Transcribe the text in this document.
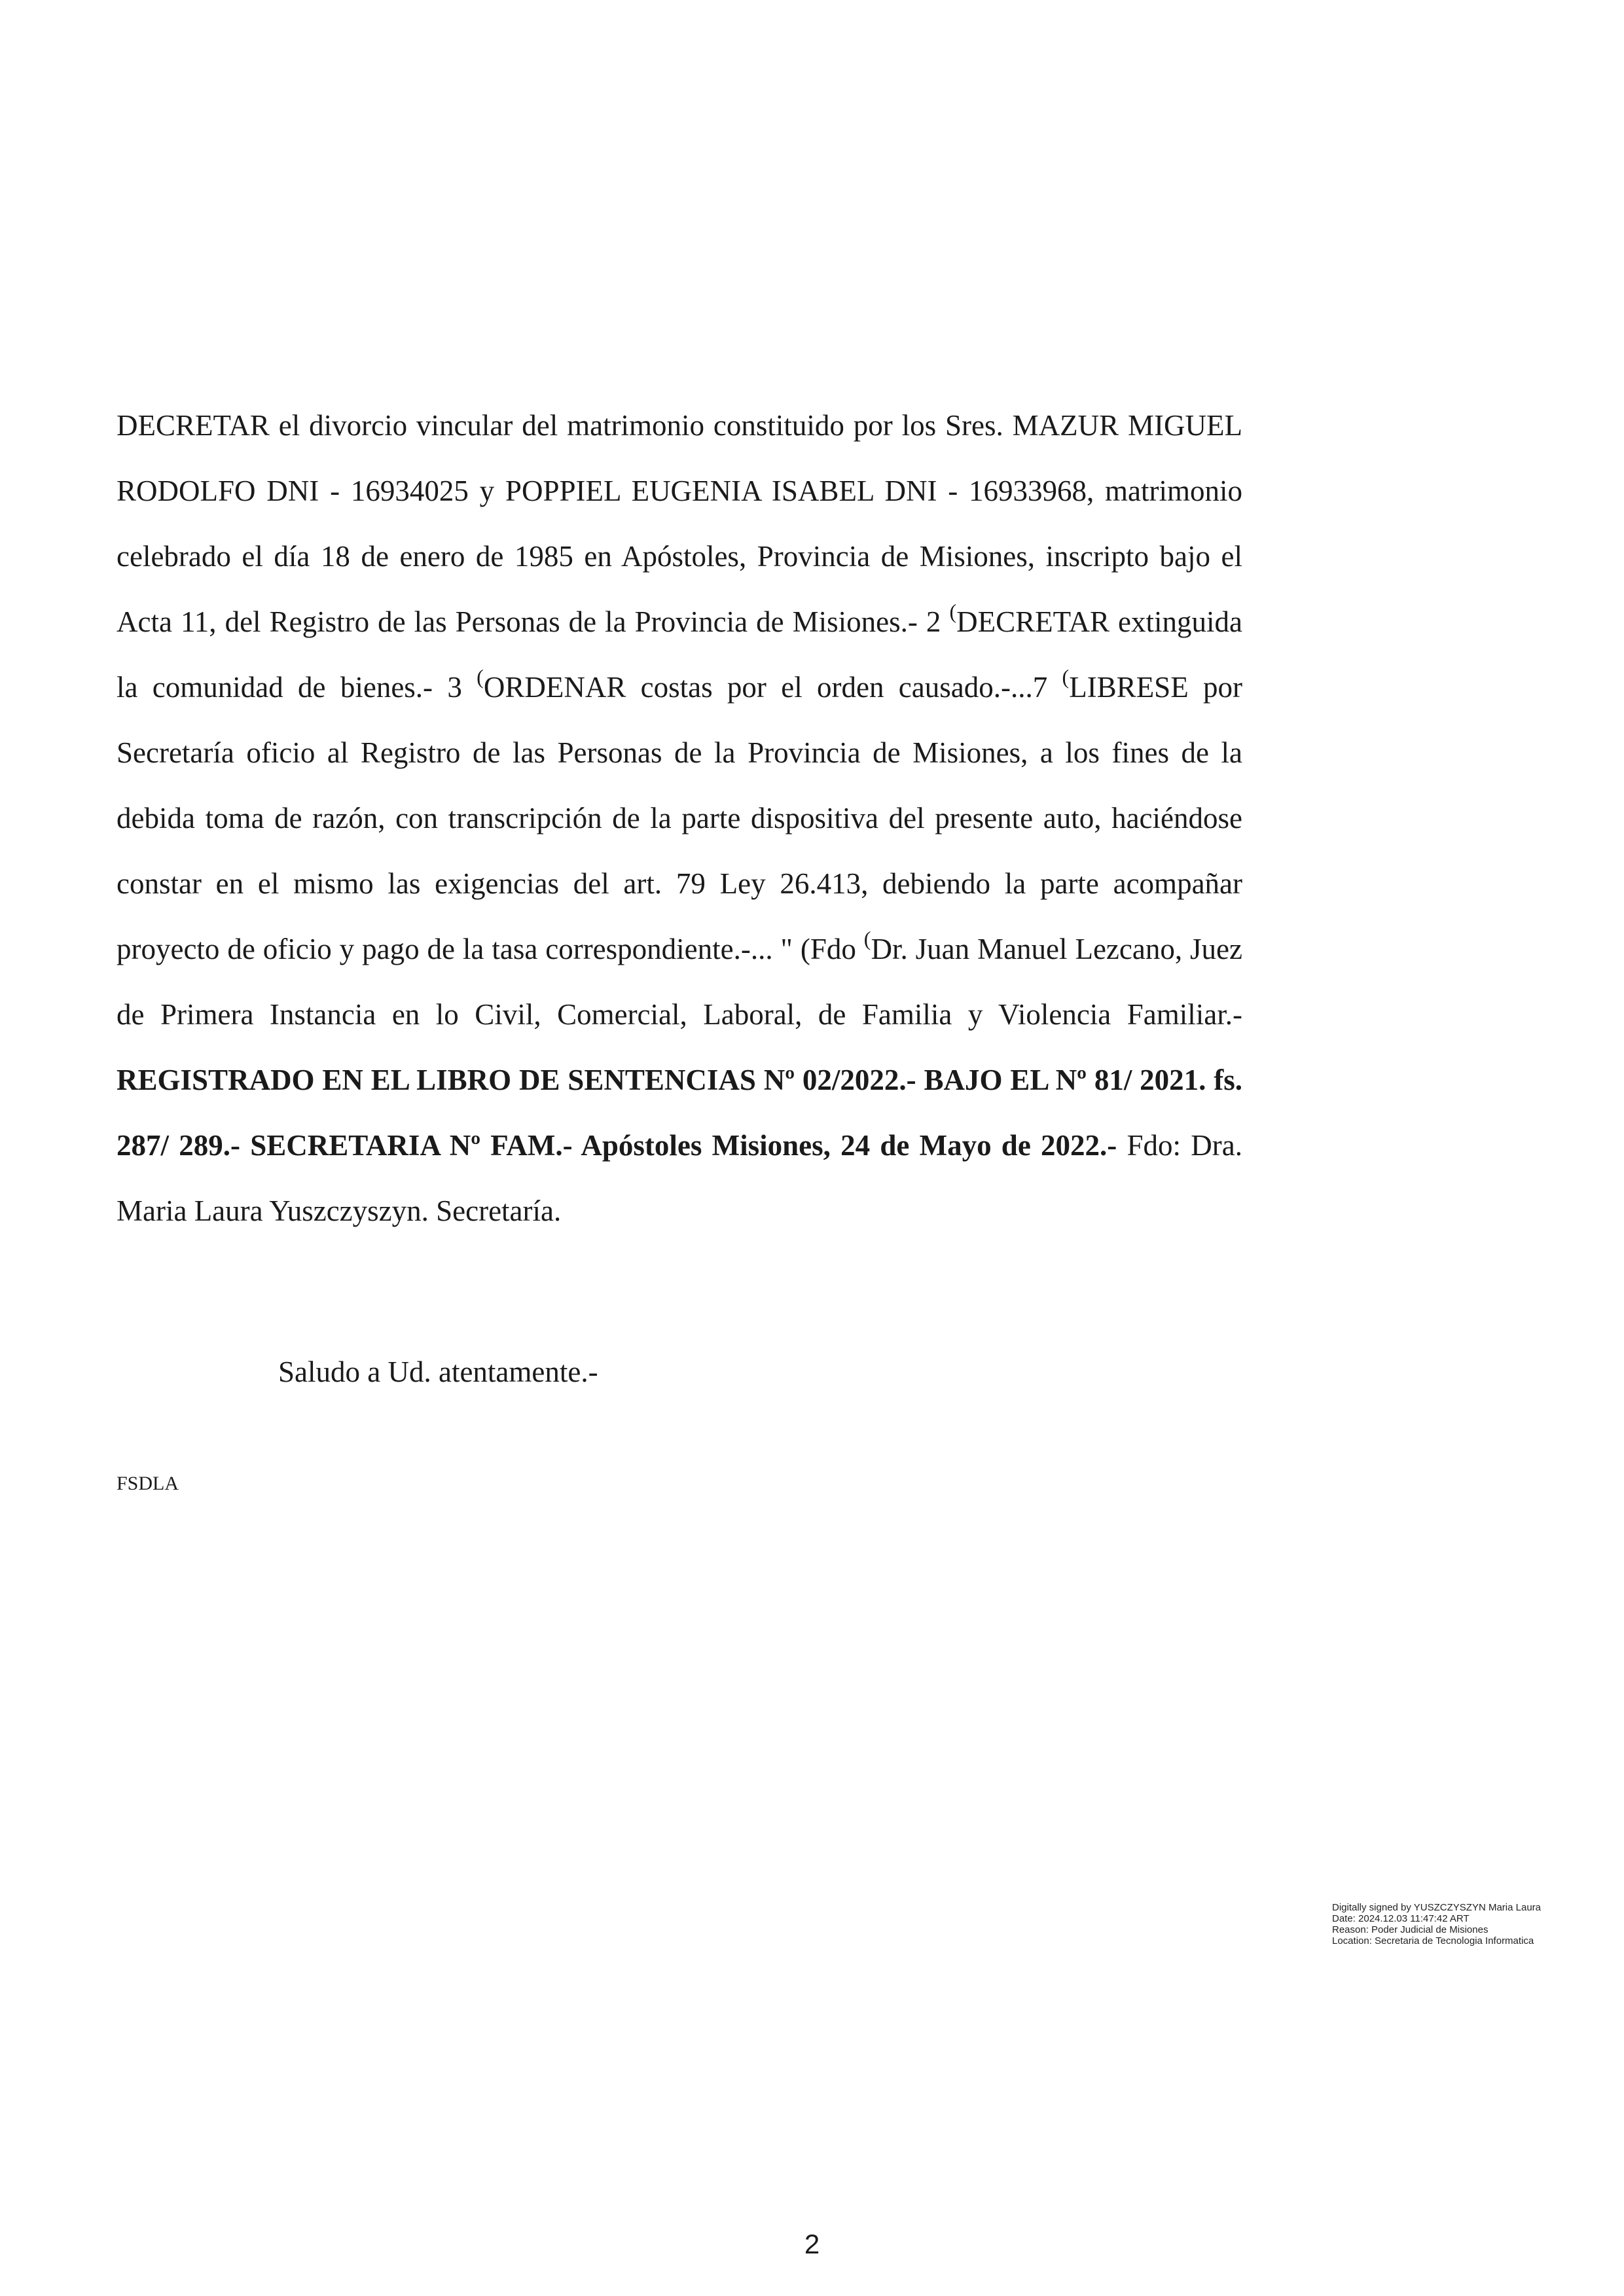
DECRETAR el divorcio vincular del matrimonio constituido por los Sres. MAZUR MIGUEL RODOLFO DNI - 16934025 y POPPIEL EUGENIA ISABEL DNI - 16933968, matrimonio celebrado el día 18 de enero de 1985 en Apóstoles, Provincia de Misiones, inscripto bajo el Acta 11, del Registro de las Personas de la Provincia de Misiones.- 2 (DECRETAR extinguida la comunidad de bienes.- 3 (ORDENAR costas por el orden causado.-...7 (LIBRESE por Secretaría oficio al Registro de las Personas de la Provincia de Misiones, a los fines de la debida toma de razón, con transcripción de la parte dispositiva del presente auto, haciéndose constar en el mismo las exigencias del art. 79 Ley 26.413, debiendo la parte acompañar proyecto de oficio y pago de la tasa correspondiente.-... " (Fdo (Dr. Juan Manuel Lezcano, Juez de Primera Instancia en lo Civil, Comercial, Laboral, de Familia y Violencia Familiar.- REGISTRADO EN EL LIBRO DE SENTENCIAS Nº 02/2022.- BAJO EL Nº 81/ 2021. fs. 287/ 289.- SECRETARIA Nº FAM.- Apóstoles Misiones, 24 de Mayo de 2022.- Fdo: Dra. Maria Laura Yuszczyszyn. Secretaría.

Saludo a Ud. atentamente.-

FSDLA

Digitally signed by YUSZCZYSZYN Maria Laura
Date: 2024.12.03 11:47:42 ART
Reason: Poder Judicial de Misiones
Location: Secretaria de Tecnologia Informatica

2
